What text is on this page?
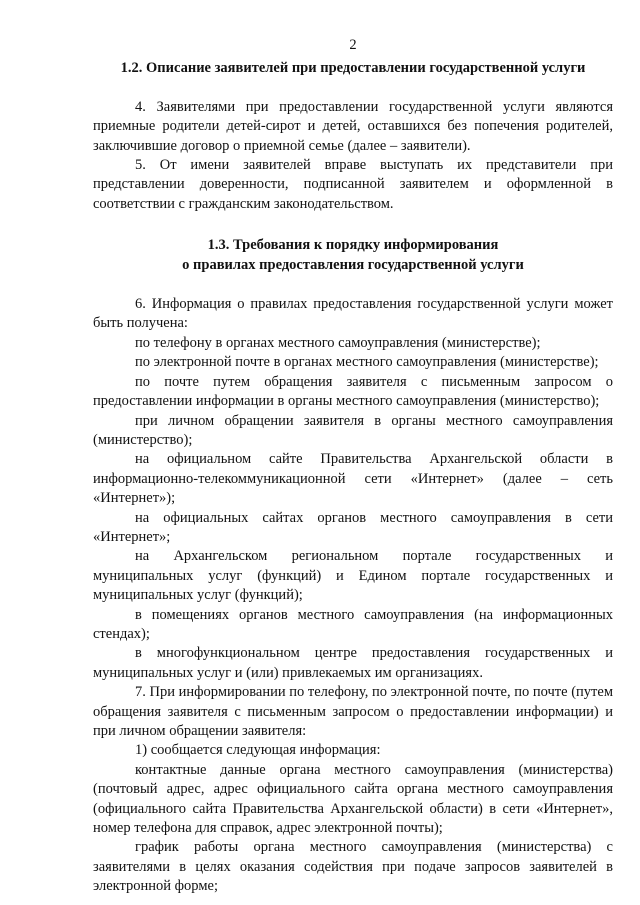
2
1.2. Описание заявителей при предоставлении государственной услуги

4. Заявителями при предоставлении государственной услуги являются приемные родители детей-сирот и детей, оставшихся без попечения родителей, заключившие договор о приемной семье (далее – заявители).

5. От имени заявителей вправе выступать их представители при представлении доверенности, подписанной заявителем и оформленной в соответствии с гражданским законодательством.

1.3. Требования к порядку информирования
о правилах предоставления государственной услуги

6. Информация о правилах предоставления государственной услуги может быть получена:

по телефону в органах местного самоуправления (министерстве);

по электронной почте в органах местного самоуправления (министерстве);

по почте путем обращения заявителя с письменным запросом о предоставлении информации в органы местного самоуправления (министерство);

при личном обращении заявителя в органы местного самоуправления (министерство);

на официальном сайте Правительства Архангельской области в информационно-телекоммуникационной сети «Интернет» (далее – сеть «Интернет»);

на официальных сайтах органов местного самоуправления в сети «Интернет»;

на Архангельском региональном портале государственных и муниципальных услуг (функций) и Едином портале государственных и муниципальных услуг (функций);

в помещениях органов местного самоуправления (на информационных стендах);

в многофункциональном центре предоставления государственных и муниципальных услуг и (или) привлекаемых им организациях.

7. При информировании по телефону, по электронной почте, по почте (путем обращения заявителя с письменным запросом о предоставлении информации) и при личном обращении заявителя:

1) сообщается следующая информация:

контактные данные органа местного самоуправления (министерства) (почтовый адрес, адрес официального сайта органа местного самоуправления (официального сайта Правительства Архангельской области) в сети «Интернет», номер телефона для справок, адрес электронной почты);

график работы органа местного самоуправления (министерства) с заявителями в целях оказания содействия при подаче запросов заявителей в электронной форме;
